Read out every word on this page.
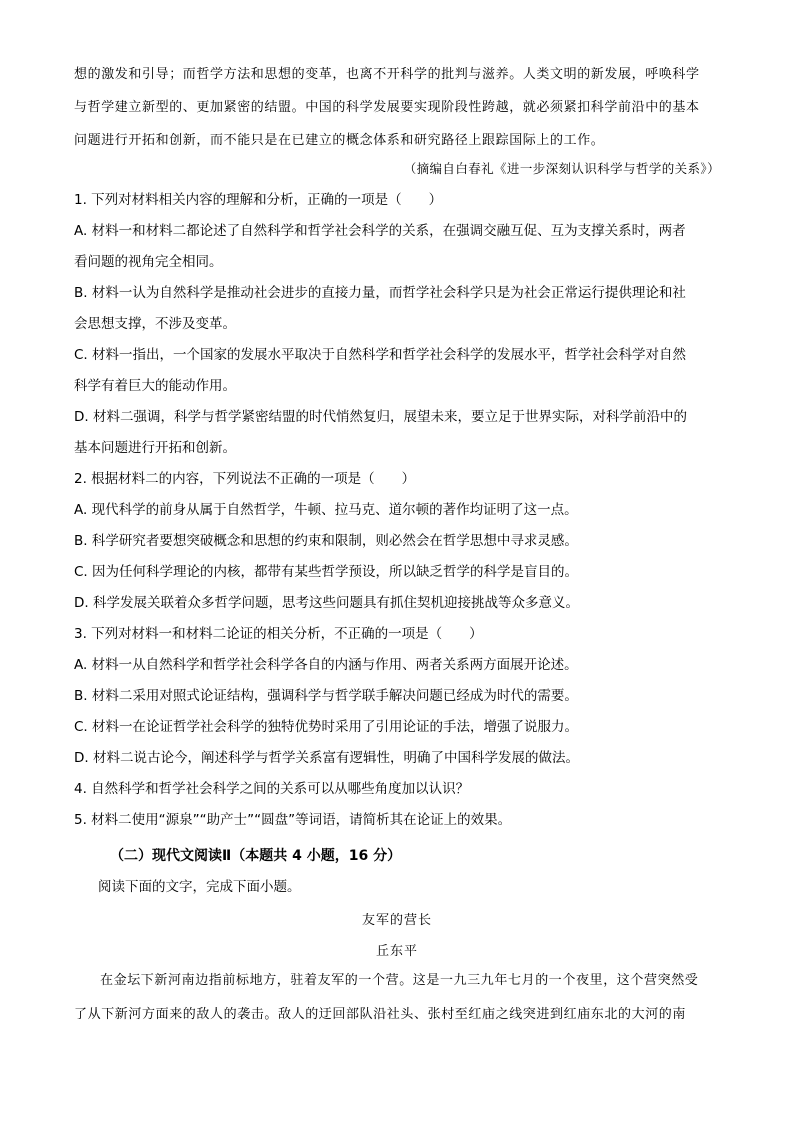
想的激发和引导；而哲学方法和思想的变革，也离不开科学的批判与滋养。人类文明的新发展，呼唤科学
与哲学建立新型的、更加紧密的结盟。中国的科学发展要实现阶段性跨越，就必须紧扣科学前沿中的基本
问题进行开拓和创新，而不能只是在已建立的概念体系和研究路径上跟踪国际上的工作。
（摘编自白春礼《进一步深刻认识科学与哲学的关系》）
1. 下列对材料相关内容的理解和分析，正确的一项是（　　）
A. 材料一和材料二都论述了自然科学和哲学社会科学的关系，在强调交融互促、互为支撑关系时，两者
看问题的视角完全相同。
B. 材料一认为自然科学是推动社会进步的直接力量，而哲学社会科学只是为社会正常运行提供理论和社
会思想支撑，不涉及变革。
C. 材料一指出，一个国家的发展水平取决于自然科学和哲学社会科学的发展水平，哲学社会科学对自然
科学有着巨大的能动作用。
D. 材料二强调，科学与哲学紧密结盟的时代悄然复归，展望未来，要立足于世界实际，对科学前沿中的
基本问题进行开拓和创新。
2. 根据材料二的内容，下列说法不正确的一项是（　　）
A. 现代科学的前身从属于自然哲学，牛顿、拉马克、道尔顿的著作均证明了这一点。
B. 科学研究者要想突破概念和思想的约束和限制，则必然会在哲学思想中寻求灵感。
C. 因为任何科学理论的内核，都带有某些哲学预设，所以缺乏哲学的科学是盲目的。
D. 科学发展关联着众多哲学问题，思考这些问题具有抓住契机迎接挑战等众多意义。
3. 下列对材料一和材料二论证的相关分析，不正确的一项是（　　）
A. 材料一从自然科学和哲学社会科学各自的内涵与作用、两者关系两方面展开论述。
B. 材料二采用对照式论证结构，强调科学与哲学联手解决问题已经成为时代的需要。
C. 材料一在论证哲学社会科学的独特优势时采用了引用论证的手法，增强了说服力。
D. 材料二说古论今，阐述科学与哲学关系富有逻辑性，明确了中国科学发展的做法。
4. 自然科学和哲学社会科学之间的关系可以从哪些角度加以认识？
5. 材料二使用“源泉”“助产士”“圆盘”等词语，请简析其在论证上的效果。
（二）现代文阅读Ⅱ（本题共 4 小题，16 分）
阅读下面的文字，完成下面小题。
友军的营长
丘东平
在金坛下新河南边指前标地方，驻着友军的一个营。这是一九三九年七月的一个夜里，这个营突然受
了从下新河方面来的敌人的袭击。敌人的迂回部队沿社头、张村至红庙之线突进到红庙东北的大河的南
